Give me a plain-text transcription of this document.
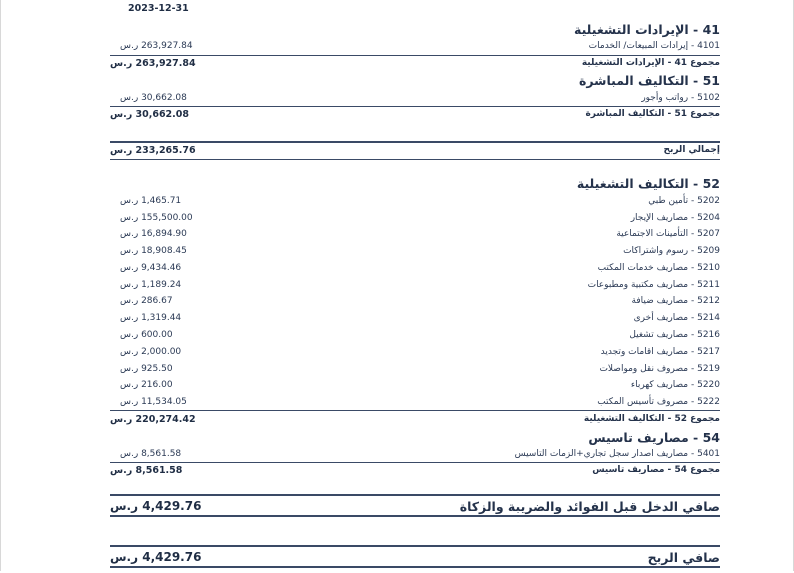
2023-12-31
41 - الإيرادات التشغيلية
4101 - إيرادات المبيعات/ الخدمات
263,927.84 ر.س
مجموع 41 - الإيرادات التشغيلية
263,927.84 ر.س
51 - التكاليف المباشرة
5102 - رواتب وأجور
30,662.08 ر.س
مجموع 51 - التكاليف المباشرة
30,662.08 ر.س
إجمالي الربح
233,265.76 ر.س
52 - التكاليف التشغيلية
5202 - تأمين طبي
1,465.71 ر.س
5204 - مصاريف الإيجار
155,500.00 ر.س
5207 - التأمينات الاجتماعية
16,894.90 ر.س
5209 - رسوم واشتراكات
18,908.45 ر.س
5210 - مصاريف خدمات المكتب
9,434.46 ر.س
5211 - مصاريف مكتبية ومطبوعات
1,189.24 ر.س
5212 - مصاريف ضيافة
286.67 ر.س
5214 - مصاريف أخرى
1,319.44 ر.س
5216 - مصاريف تشغيل
600.00 ر.س
5217 - مصاريف اقامات وتجديد
2,000.00 ر.س
5219 - مصروف نقل ومواصلات
925.50 ر.س
5220 - مصاريف كهرباء
216.00 ر.س
5222 - مصروف تأسيس المكتب
11,534.05 ر.س
مجموع 52 - التكاليف التشغيلية
220,274.42 ر.س
54 - مصاريف تاسيس
5401 - مصاريف اصدار سجل تجاري+الزمات التاسيس
8,561.58 ر.س
مجموع 54 - مصاريف تاسيس
8,561.58 ر.س
صافي الدخل قبل الفوائد والضريبة والزكاة
4,429.76 ر.س
صافي الربح
4,429.76 ر.س
